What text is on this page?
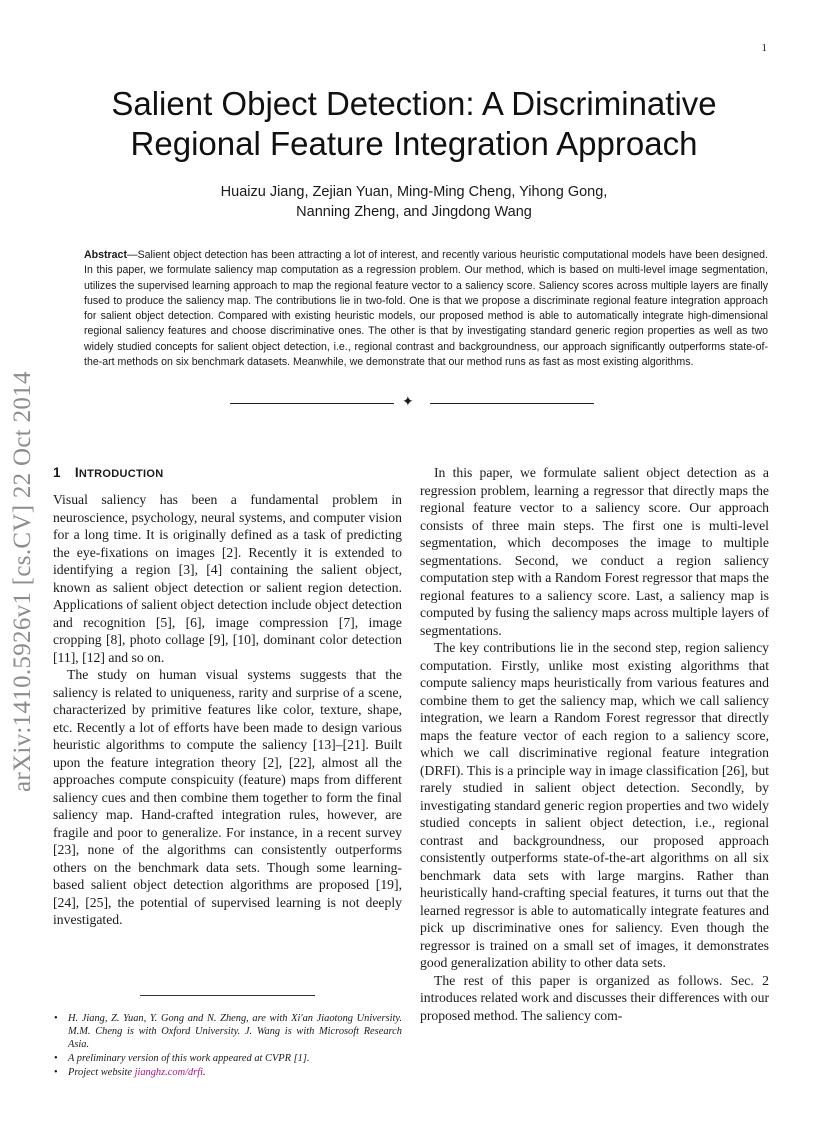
1
arXiv:1410.5926v1 [cs.CV] 22 Oct 2014
Salient Object Detection: A Discriminative
Regional Feature Integration Approach
Huaizu Jiang, Zejian Yuan, Ming-Ming Cheng, Yihong Gong,
Nanning Zheng, and Jingdong Wang
Abstract—Salient object detection has been attracting a lot of interest, and recently various heuristic computational models have been designed. In this paper, we formulate saliency map computation as a regression problem. Our method, which is based on multi-level image segmentation, utilizes the supervised learning approach to map the regional feature vector to a saliency score. Saliency scores across multiple layers are finally fused to produce the saliency map. The contributions lie in two-fold. One is that we propose a discriminate regional feature integration approach for salient object detection. Compared with existing heuristic models, our proposed method is able to automatically integrate high-dimensional regional saliency features and choose discriminative ones. The other is that by investigating standard generic region properties as well as two widely studied concepts for salient object detection, i.e., regional contrast and backgroundness, our approach significantly outperforms state-of-the-art methods on six benchmark datasets. Meanwhile, we demonstrate that our method runs as fast as most existing algorithms.
✦
1 INTRODUCTION

Visual saliency has been a fundamental problem in neuroscience, psychology, neural systems, and computer vision for a long time. It is originally defined as a task of predicting the eye-fixations on images [2]. Recently it is extended to identifying a region [3], [4] containing the salient object, known as salient object detection or salient region detection. Applications of salient object detection include object detection and recognition [5], [6], image compression [7], image cropping [8], photo collage [9], [10], dominant color detection [11], [12] and so on.

The study on human visual systems suggests that the saliency is related to uniqueness, rarity and surprise of a scene, characterized by primitive features like color, texture, shape, etc. Recently a lot of efforts have been made to design various heuristic algorithms to compute the saliency [13]–[21]. Built upon the feature integration theory [2], [22], almost all the approaches compute conspicuity (feature) maps from different saliency cues and then combine them together to form the final saliency map. Hand-crafted integration rules, however, are fragile and poor to generalize. For instance, in a recent survey [23], none of the algorithms can consistently outperforms others on the benchmark data sets. Though some learning-based salient object detection algorithms are proposed [19], [24], [25], the potential of supervised learning is not deeply investigated.

• H. Jiang, Z. Yuan, Y. Gong and N. Zheng, are with Xi'an Jiaotong University. M.M. Cheng is with Oxford University. J. Wang is with Microsoft Research Asia.
• A preliminary version of this work appeared at CVPR [1].
• Project website jianghz.com/drfi.

In this paper, we formulate salient object detection as a regression problem, learning a regressor that directly maps the regional feature vector to a saliency score. Our approach consists of three main steps. The first one is multi-level segmentation, which decomposes the image to multiple segmentations. Second, we conduct a region saliency computation step with a Random Forest regressor that maps the regional features to a saliency score. Last, a saliency map is computed by fusing the saliency maps across multiple layers of segmentations.

The key contributions lie in the second step, region saliency computation. Firstly, unlike most existing algorithms that compute saliency maps heuristically from various features and combine them to get the saliency map, which we call saliency integration, we learn a Random Forest regressor that directly maps the feature vector of each region to a saliency score, which we call discriminative regional feature integration (DRFI). This is a principle way in image classification [26], but rarely studied in salient object detection. Secondly, by investigating standard generic region properties and two widely studied concepts in salient object detection, i.e., regional contrast and backgroundness, our proposed approach consistently outperforms state-of-the-art algorithms on all six benchmark data sets with large margins. Rather than heuristically hand-crafting special features, it turns out that the learned regressor is able to automatically integrate features and pick up discriminative ones for saliency. Even though the regressor is trained on a small set of images, it demonstrates good generalization ability to other data sets.

The rest of this paper is organized as follows. Sec. 2 introduces related work and discusses their differences with our proposed method. The saliency com-
